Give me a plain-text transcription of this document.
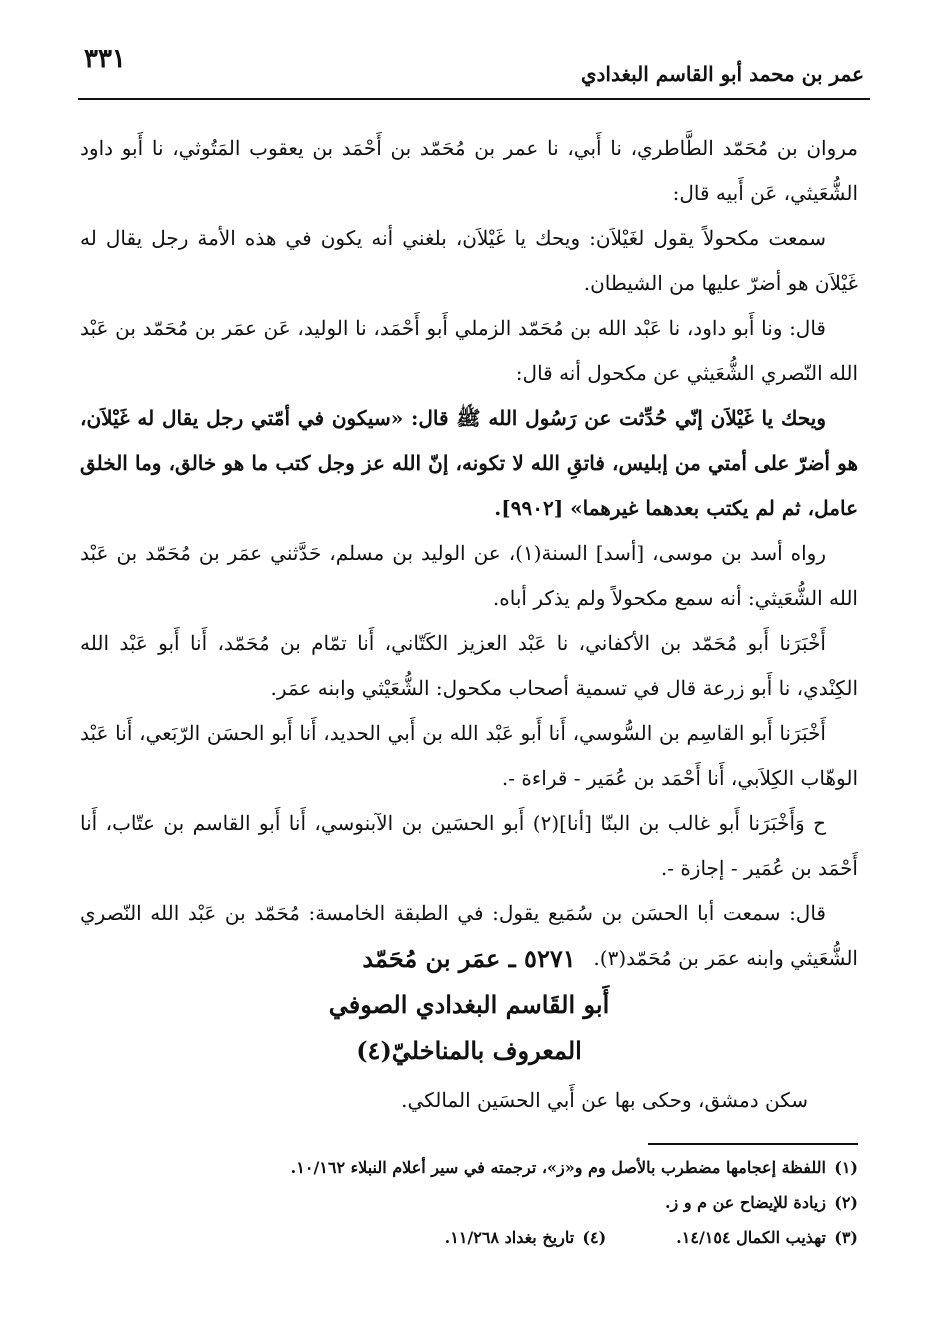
٣٣١	عمر بن محمد أبو القاسم البغدادي

مروان بن مُحَمّد الطَّاطري، نا أَبي، نا عمر بن مُحَمّد بن أَحْمَد بن يعقوب المَتُوثي، نا أَبو داود الشُّعَيثي، عَن أَبيه قال:

سمعت مكحولاً يقول لغَيْلاَن: ويحك يا غَيْلاَن، بلغني أنه يكون في هذه الأمة رجل يقال له غَيْلاَن هو أضرّ عليها من الشيطان.

قال: ونا أَبو داود، نا عَبْد الله بن مُحَمّد الزملي أَبو أَحْمَد، نا الوليد، عَن عمَر بن مُحَمّد بن عَبْد الله النّصري الشُّعَيثي عن مكحول أنه قال:

ويحك يا غَيْلاَن إنّي حُدِّثت عن رَسُول الله ﷺ قال: «سيكون في أمّتي رجل يقال له غَيْلاَن، هو أضرّ على أمتي من إبليس، فاتقِ الله لا تكونه، إنّ الله عز وجل كتب ما هو خالق، وما الخلق عامل، ثم لم يكتب بعدهما غيرهما» [٩٩٠٢].

رواه أسد بن موسى، [أسد] السنة(١)، عن الوليد بن مسلم، حَدَّثني عمَر بن مُحَمّد بن عَبْد الله الشُّعَيثي: أنه سمع مكحولاً ولم يذكر أباه.

أَخْبَرَنا أَبو مُحَمّد بن الأكفاني، نا عَبْد العزيز الكَتّاني، أَنا تمّام بن مُحَمّد، أَنا أَبو عَبْد الله الكِنْدي، نا أَبو زرعة قال في تسمية أصحاب مكحول: الشُّعَيْثي وابنه عمَر.

أَخْبَرَنا أَبو القاسِم بن السُّوسي، أَنا أَبو عَبْد الله بن أَبي الحديد، أَنا أَبو الحسَن الرّبَعي، أَنا عَبْد الوهّاب الكِلاَبي، أَنا أَحْمَد بن عُمَير - قراءة -.

ح وَأَخْبَرَنا أَبو غالب بن البنّا [أنا](٢) أَبو الحسَين بن الآبنوسي، أَنا أَبو القاسم بن عتّاب، أَنا أَحْمَد بن عُمَير - إجازة -.

قال: سمعت أبا الحسَن بن سُمَيع يقول: في الطبقة الخامسة: مُحَمّد بن عَبْد الله النّصري الشُّعَيثي وابنه عمَر بن مُحَمّد(٣).

٥٢٧١ ـ عمَر بن مُحَمّد
أَبو القَاسم البغدادي الصوفي
المعروف بالمناخليّ(٤)
سكن دمشق، وحكى بها عن أَبي الحسَين المالكي.
(١)
اللفظة إعجامها مضطرب بالأصل وم و«ز»، ترجمته في سير أعلام النبلاء ١٠/١٦٢.
(٢)
زيادة للإيضاح عن م و ز.
(٣)
تهذيب الكمال ١٤/١٥٤.
(٤)
تاريخ بغداد ١١/٢٦٨.
